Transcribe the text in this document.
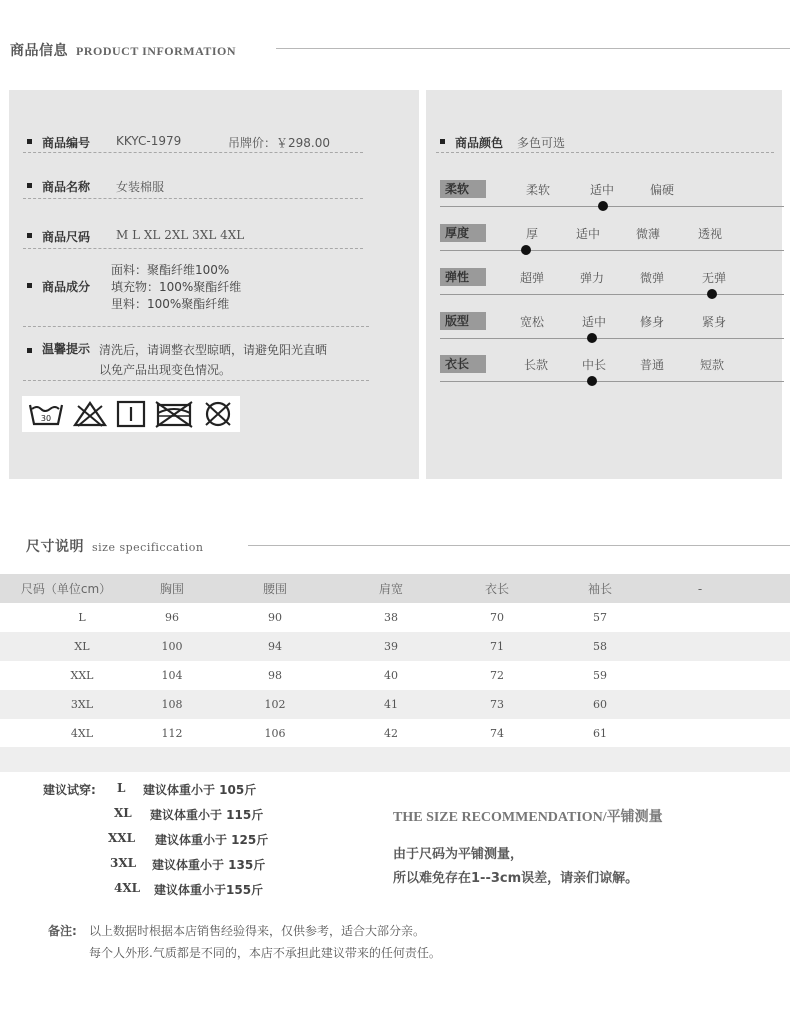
商品信息 PRODUCT INFORMATION
商品编号	KKYC-1979	吊牌价：￥298.00
商品名称	女装棉服
商品尺码	M L XL 2XL 3XL 4XL
商品成分
面料：聚酯纤维100%
填充物：100%聚酯纤维
里料：100%聚酯纤维
温馨提示 清洗后，请调整衣型晾晒，请避免阳光直晒
以免产品出现变色情况。
30
商品颜色	多色可选
柔软	柔软	适中	偏硬
厚度	厚	适中	微薄	透视
弹性	超弹	弹力	微弹	无弹
版型	宽松	适中	修身	紧身
衣长	长款	中长	普通	短款
尺寸说明 size specificcation
尺码（单位cm）	胸围	腰围	肩宽	衣长	袖长	-
L	96	90	38	70	57
XL	100	94	39	71	58
XXL	104	98	40	72	59
3XL	108	102	41	73	60
4XL	112	106	42	74	61
建议试穿: L 建议体重小于 105斤
XL 建议体重小于 115斤
XXL 建议体重小于 125斤
3XL 建议体重小于 135斤
4XL 建议体重小于155斤
THE SIZE RECOMMENDATION/平铺测量
由于尺码为平铺测量，
所以难免存在1--3cm误差，请亲们谅解。
备注: 以上数据时根据本店销售经验得来，仅供参考，适合大部分亲。
每个人外形.气质都是不同的，本店不承担此建议带来的任何责任。
